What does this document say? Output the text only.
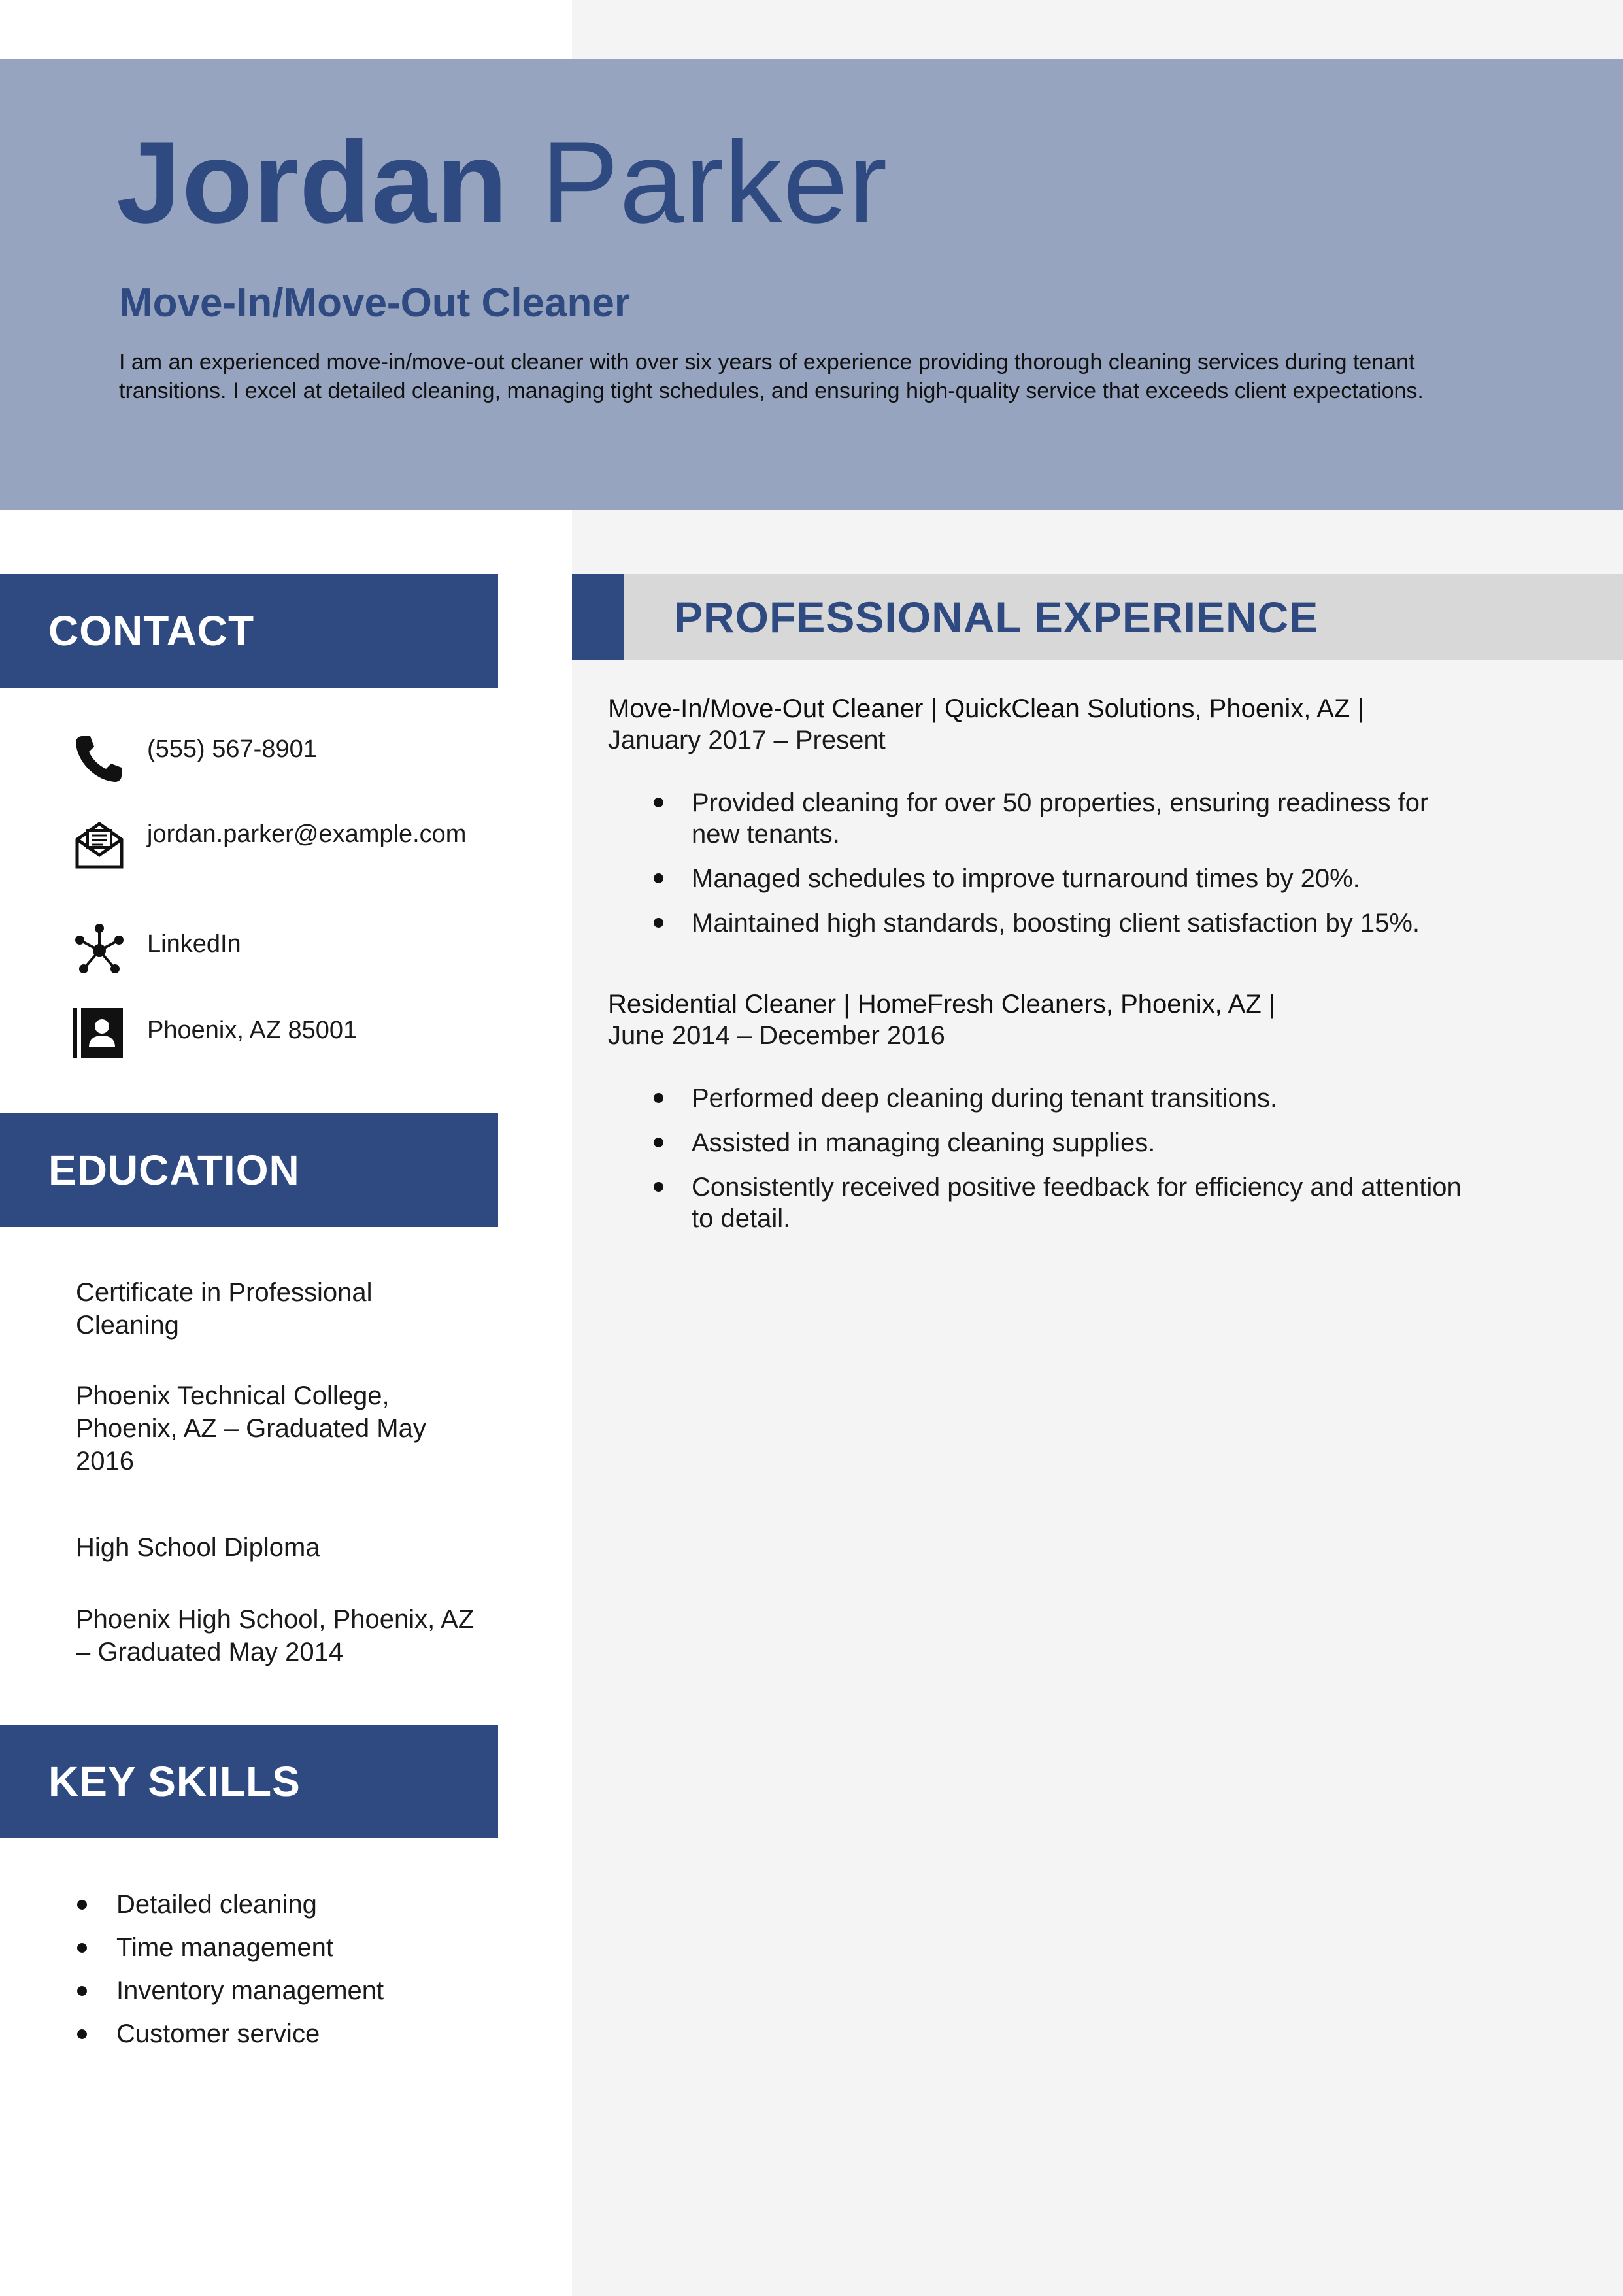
Jordan Parker
Move-In/Move-Out Cleaner
I am an experienced move-in/move-out cleaner with over six years of experience providing thorough cleaning services during tenant transitions. I excel at detailed cleaning, managing tight schedules, and ensuring high-quality service that exceeds client expectations.
CONTACT
(555) 567-8901
jordan.parker@example.com
LinkedIn
Phoenix, AZ 85001
EDUCATION
Certificate in Professional Cleaning
Phoenix Technical College, Phoenix, AZ – Graduated May 2016
High School Diploma
Phoenix High School, Phoenix, AZ – Graduated May 2014
KEY SKILLS
Detailed cleaning
Time management
Inventory management
Customer service
PROFESSIONAL EXPERIENCE
Move-In/Move-Out Cleaner | QuickClean Solutions, Phoenix, AZ |
January 2017 – Present
Provided cleaning for over 50 properties, ensuring readiness for new tenants.
Managed schedules to improve turnaround times by 20%.
Maintained high standards, boosting client satisfaction by 15%.
Residential Cleaner | HomeFresh Cleaners, Phoenix, AZ |
June 2014 – December 2016
Performed deep cleaning during tenant transitions.
Assisted in managing cleaning supplies.
Consistently received positive feedback for efficiency and attention to detail.
